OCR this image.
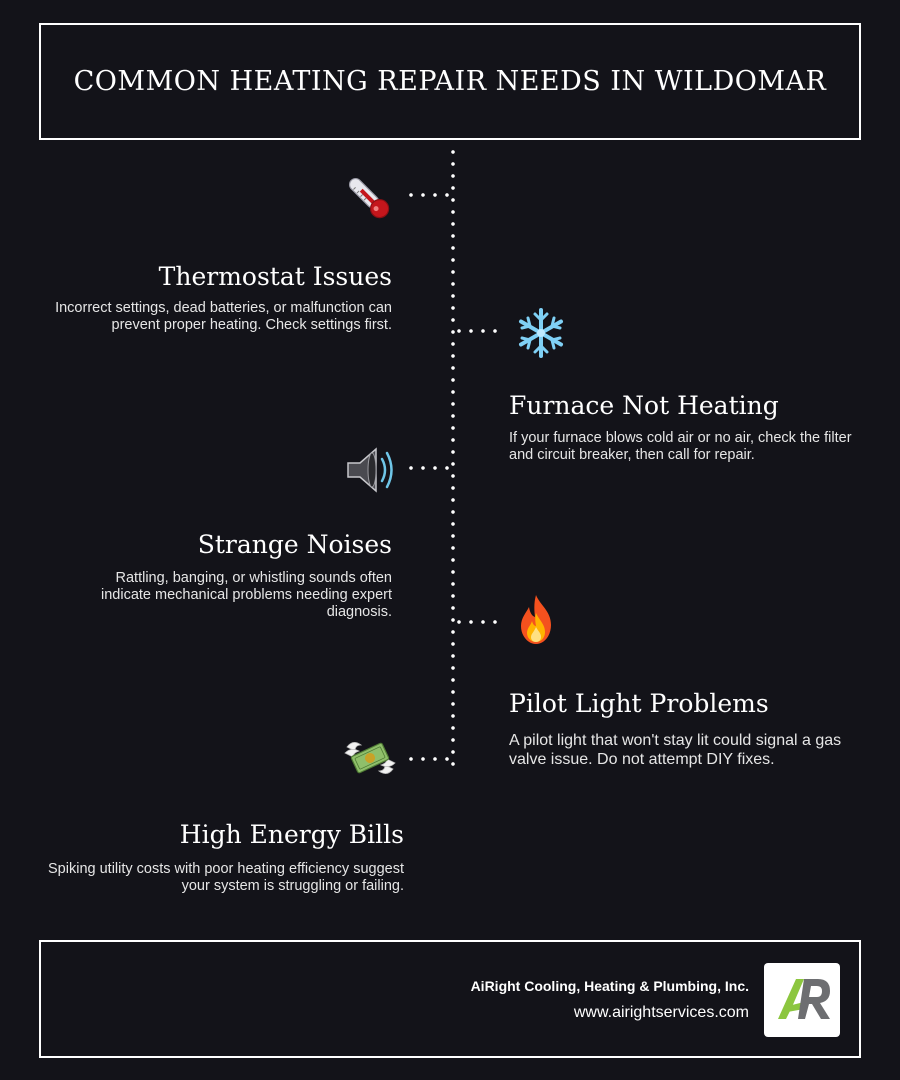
COMMON HEATING REPAIR NEEDS IN WILDOMAR
Thermostat Issues
Incorrect settings, dead batteries, or malfunction can prevent proper heating. Check settings first.
Furnace Not Heating
If your furnace blows cold air or no air, check the filter and circuit breaker, then call for repair.
Strange Noises
Rattling, banging, or whistling sounds often indicate mechanical problems needing expert diagnosis.
Pilot Light Problems
A pilot light that won't stay lit could signal a gas valve issue. Do not attempt DIY fixes.
High Energy Bills
Spiking utility costs with poor heating efficiency suggest your system is struggling or failing.
AiRight Cooling, Heating & Plumbing, Inc.
www.airightservices.com
